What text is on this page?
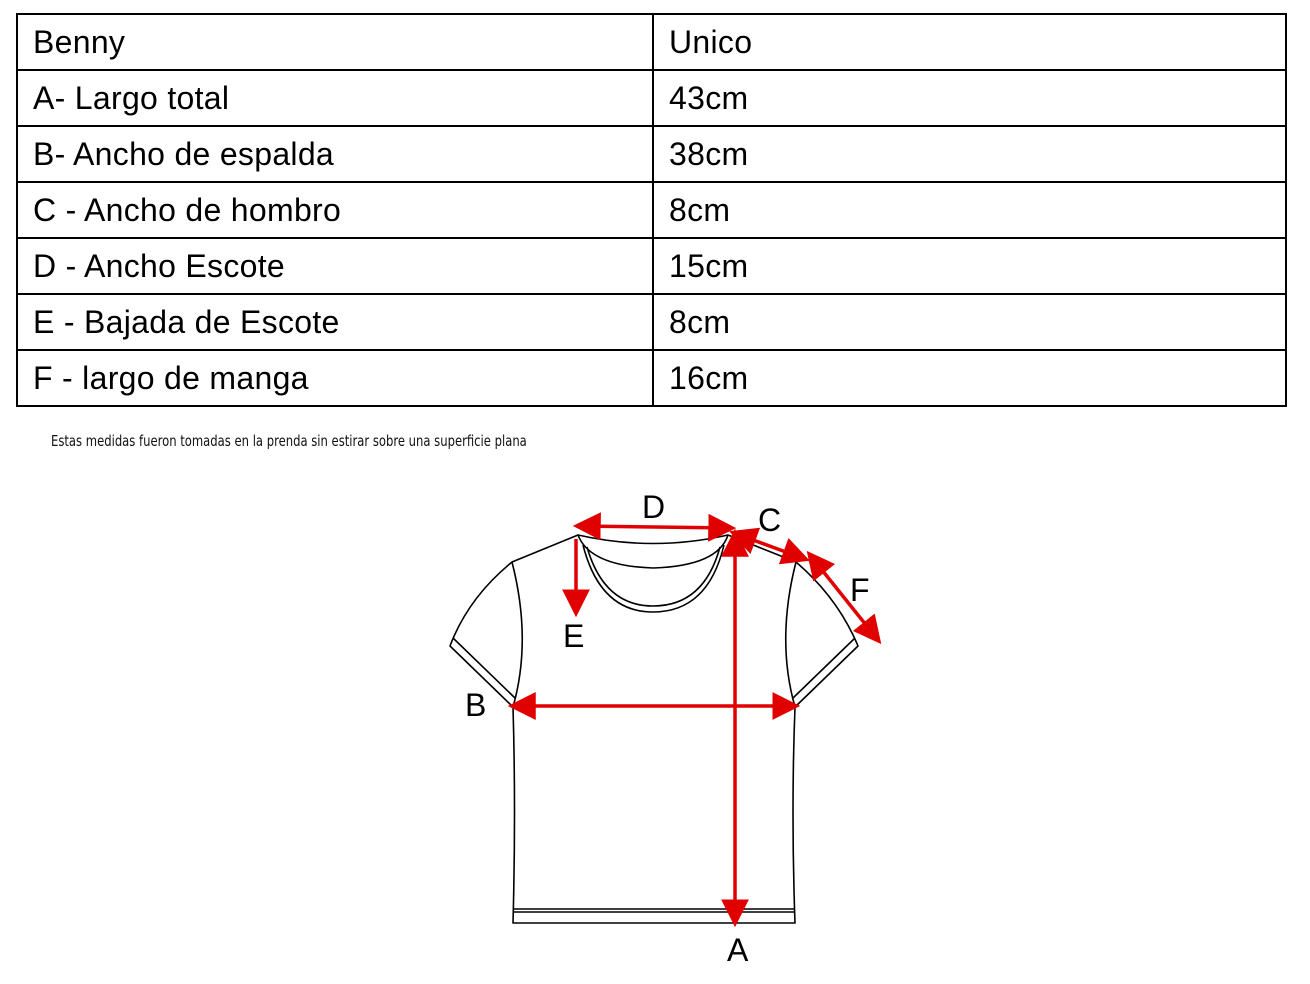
Benny	Unico
A- Largo total	43cm
B- Ancho de espalda	38cm
C - Ancho de hombro	8cm
D - Ancho Escote	15cm
E - Bajada de Escote	8cm
F - largo de manga	16cm
Estas medidas fueron tomadas en la prenda sin estirar sobre una superficie plana
A
B
C
D
E
F
